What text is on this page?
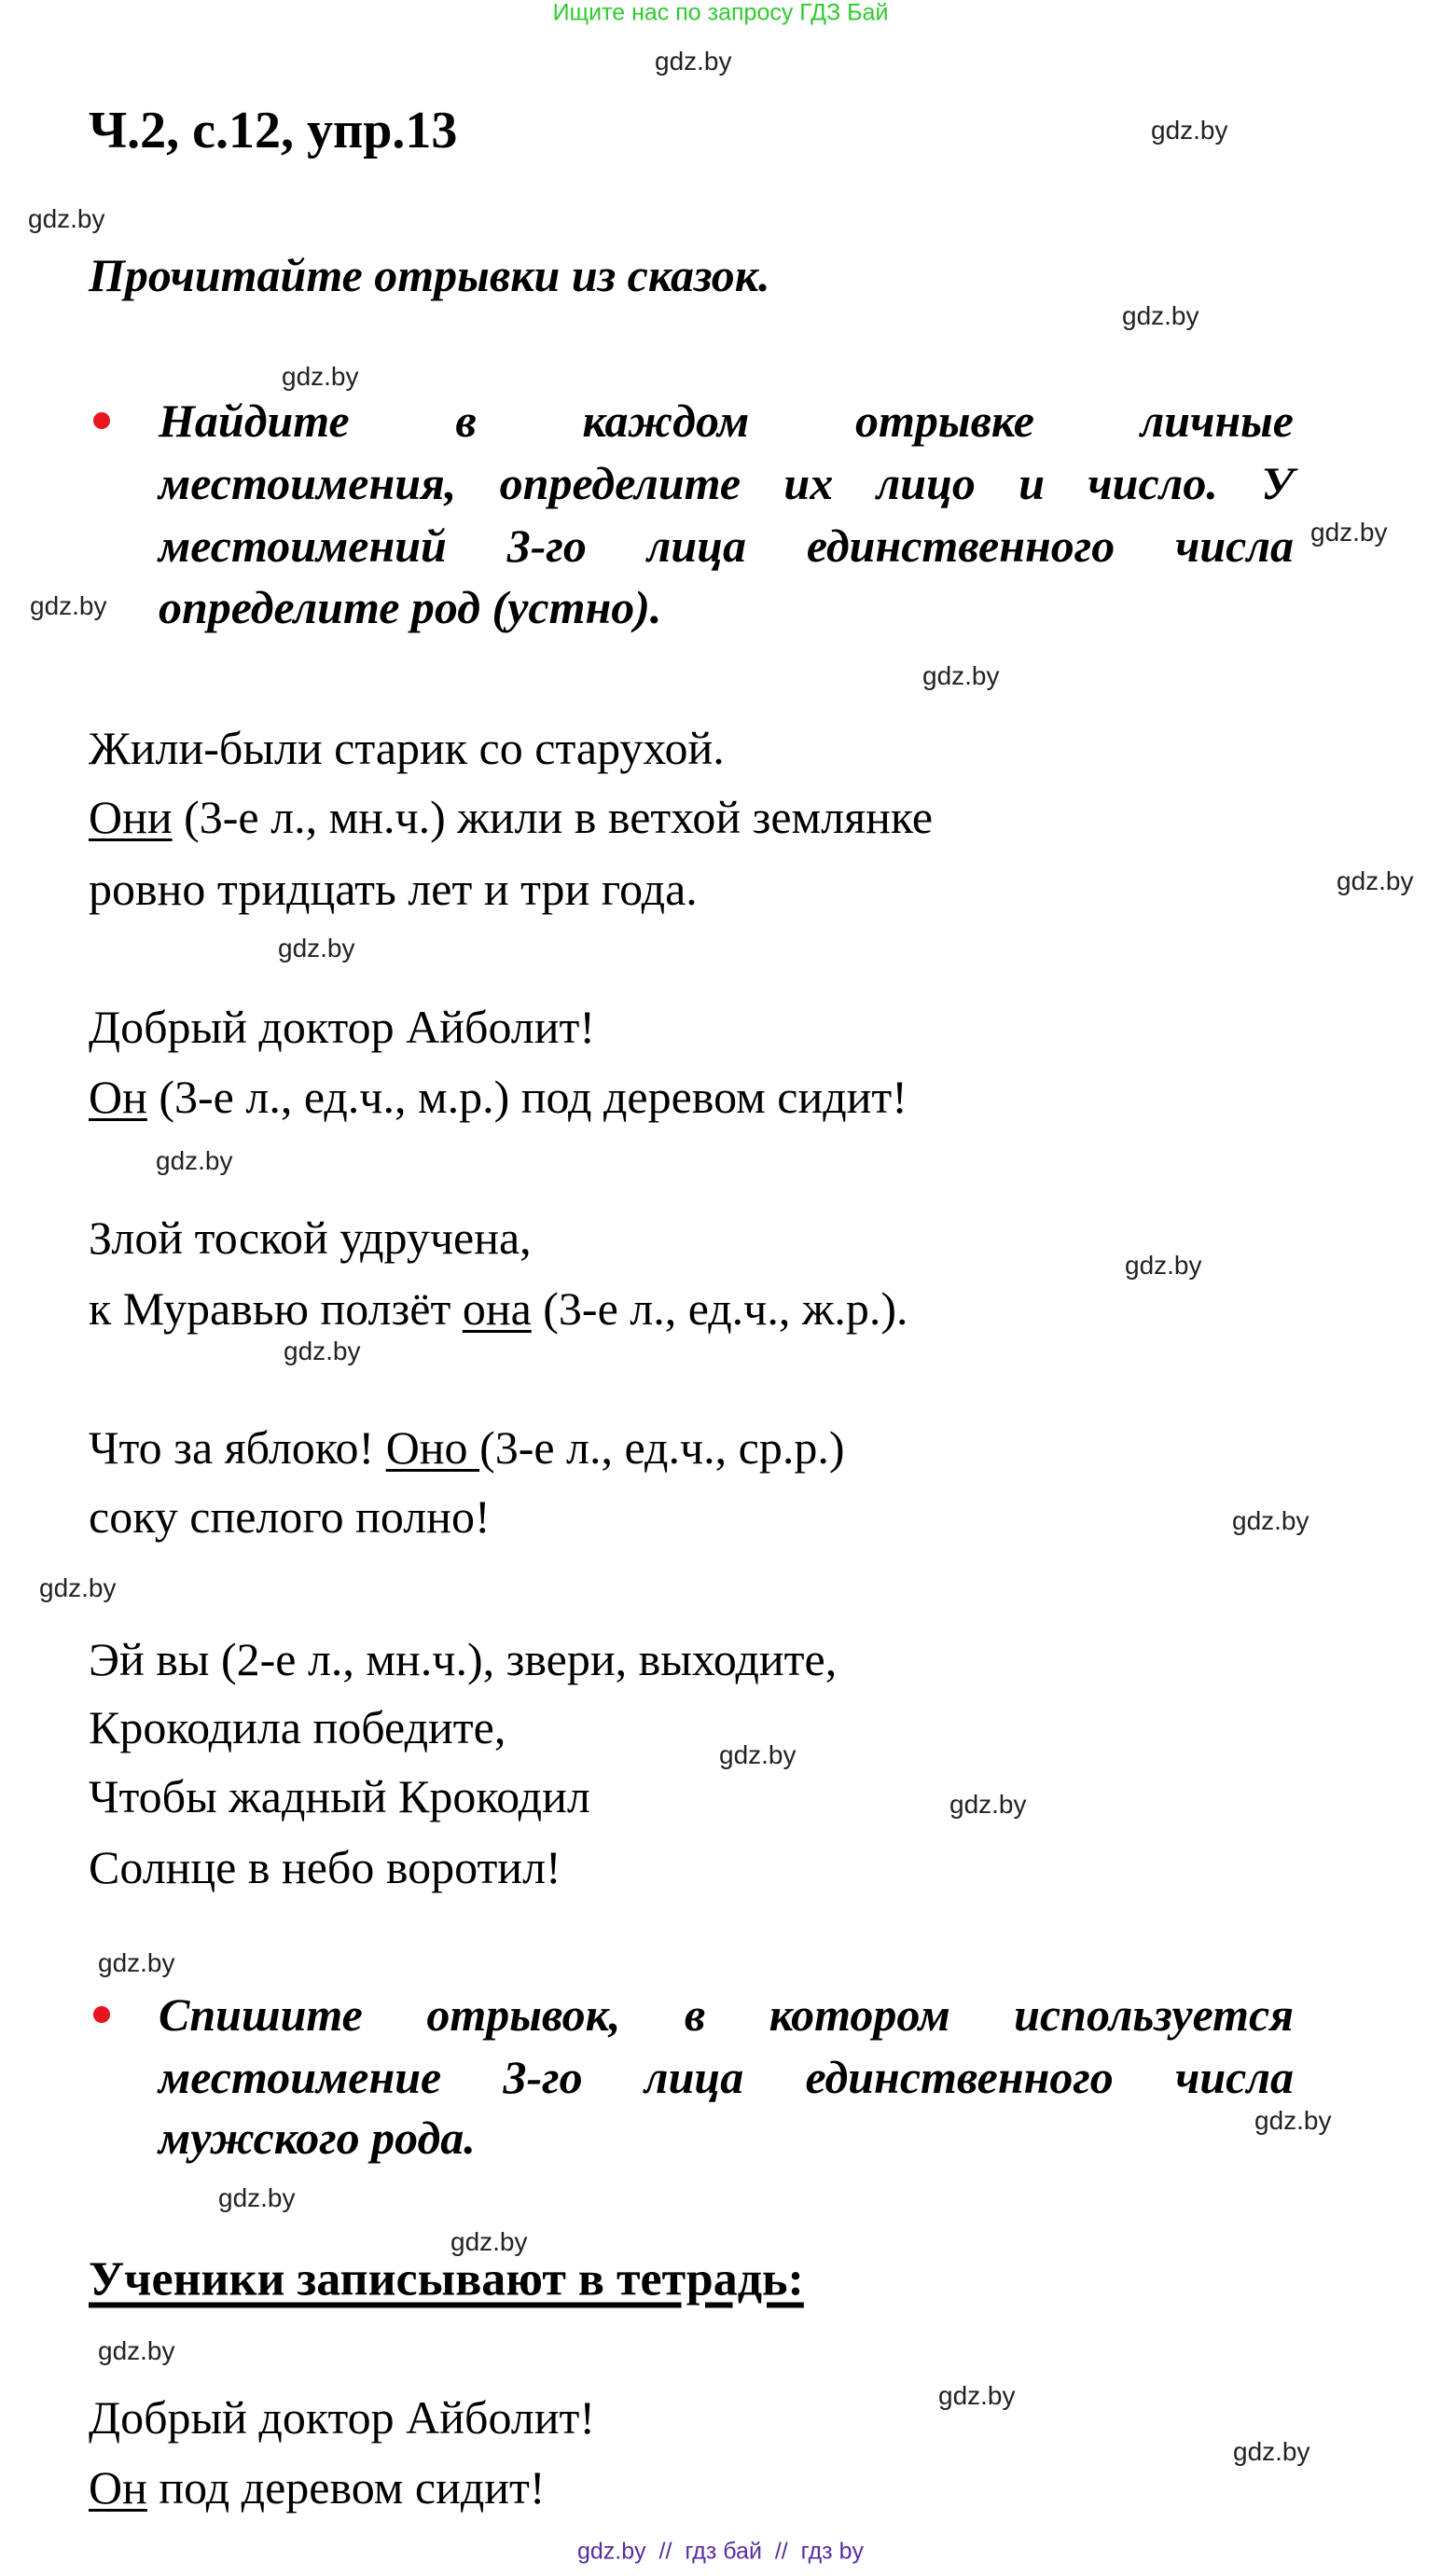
Ищите нас по запросу ГДЗ Бай
gdz.by
gdz.by
gdz.by
gdz.by
gdz.by
gdz.by
gdz.by
gdz.by
gdz.by
gdz.by
gdz.by
gdz.by
gdz.by
gdz.by
gdz.by
gdz.by
gdz.by
gdz.by
gdz.by
gdz.by
gdz.by
gdz.by
gdz.by
gdz.by
Ч.2, с.12, упр.13
Прочитайте отрывки из сказок.
Найдите в каждом отрывке личные
местоимения, определите их лицо и число. У
местоимений 3-го лица единственного числа
определите род (устно).
Жили-были старик со старухой.
Они (3-е л., мн.ч.) жили в ветхой землянке
ровно тридцать лет и три года.
Добрый доктор Айболит!
Он (3-е л., ед.ч., м.р.) под деревом сидит!
Злой тоской удручена,
к Муравью ползёт она (3-е л., ед.ч., ж.р.).
Что за яблоко! Оно (3-е л., ед.ч., ср.р.)
соку спелого полно!
Эй вы (2-е л., мн.ч.), звери, выходите,
Крокодила победите,
Чтобы жадный Крокодил
Солнце в небо воротил!
Спишите отрывок, в котором используется
местоимение 3-го лица единственного числа
мужского рода.
Ученики записывают в тетрадь:
Добрый доктор Айболит!
Он под деревом сидит!
gdz.by  //  гдз бай  //  гдз by
